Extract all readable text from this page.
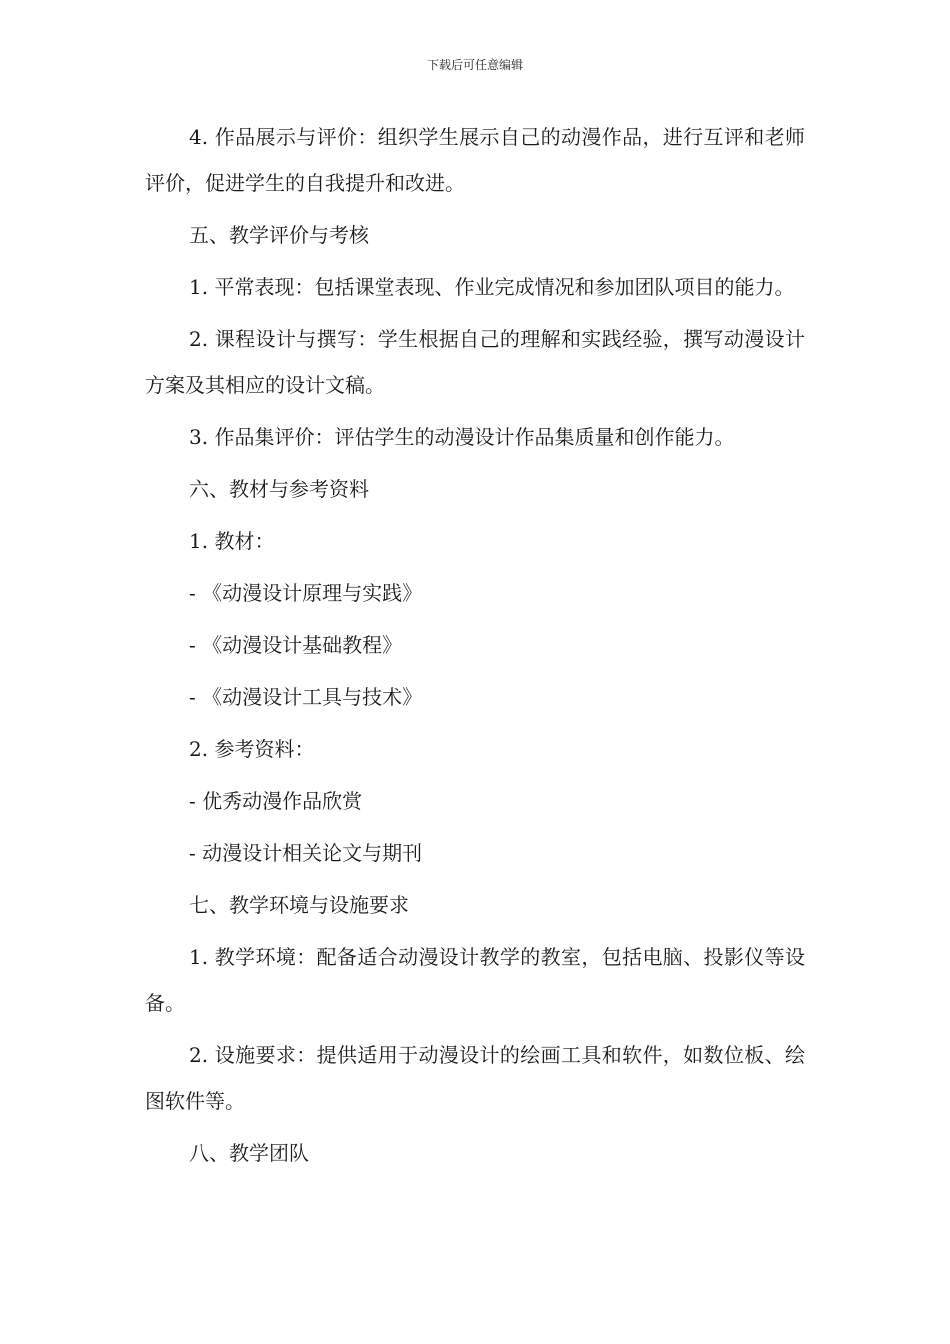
下载后可任意编辑

4. 作品展示与评价：组织学生展示自己的动漫作品，进行互评和老师评价，促进学生的自我提升和改进。

五、教学评价与考核

1. 平常表现：包括课堂表现、作业完成情况和参加团队项目的能力。

2. 课程设计与撰写：学生根据自己的理解和实践经验，撰写动漫设计方案及其相应的设计文稿。

3. 作品集评价：评估学生的动漫设计作品集质量和创作能力。

六、教材与参考资料

1. 教材：

- 《动漫设计原理与实践》

- 《动漫设计基础教程》

- 《动漫设计工具与技术》

2. 参考资料：

- 优秀动漫作品欣赏

- 动漫设计相关论文与期刊

七、教学环境与设施要求

1. 教学环境：配备适合动漫设计教学的教室，包括电脑、投影仪等设备。

2. 设施要求：提供适用于动漫设计的绘画工具和软件，如数位板、绘图软件等。

八、教学团队
